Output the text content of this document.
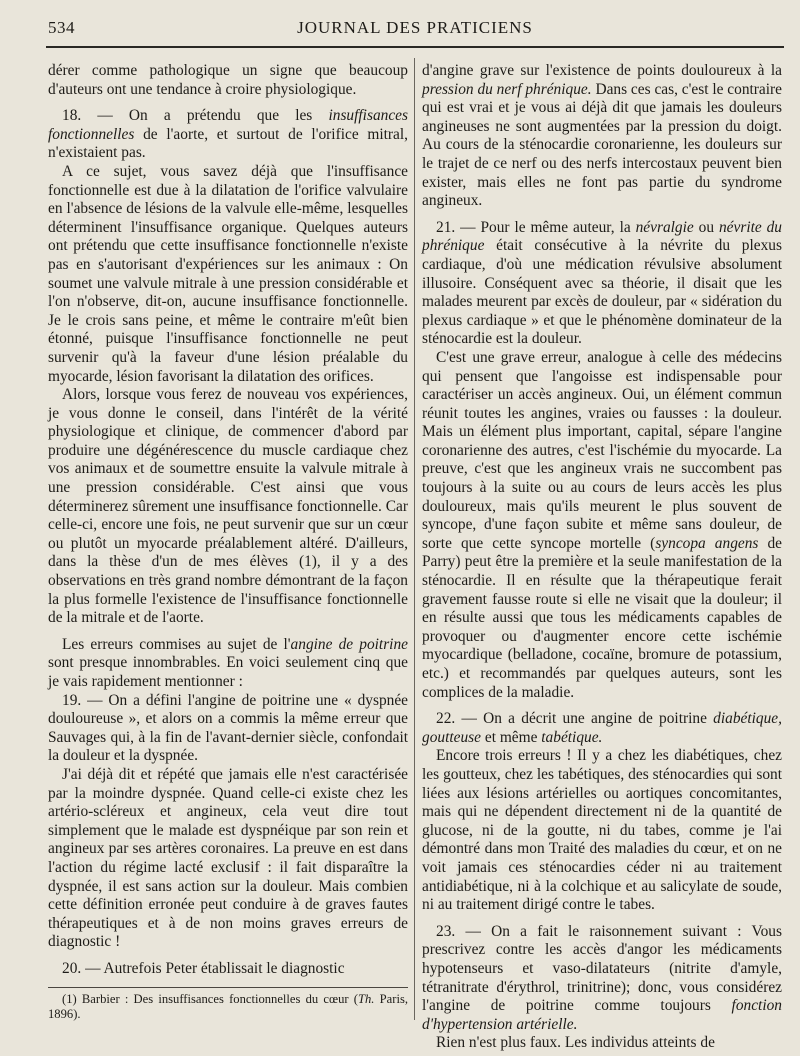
534	JOURNAL DES PRATICIENS

dérer comme pathologique un signe que beaucoup d'auteurs ont une tendance à croire physiologique.

18. — On a prétendu que les insuffisances fonctionnelles de l'aorte, et surtout de l'orifice mitral, n'existaient pas.

A ce sujet, vous savez déjà que l'insuffisance fonctionnelle est due à la dilatation de l'orifice valvulaire en l'absence de lésions de la valvule elle-même, lesquelles déterminent l'insuffisance organique. Quelques auteurs ont prétendu que cette insuffisance fonctionnelle n'existe pas en s'autorisant d'expériences sur les animaux : On soumet une valvule mitrale à une pression considérable et l'on n'observe, dit-on, aucune insuffisance fonctionnelle. Je le crois sans peine, et même le contraire m'eût bien étonné, puisque l'insuffisance fonctionnelle ne peut survenir qu'à la faveur d'une lésion préalable du myocarde, lésion favorisant la dilatation des orifices.

Alors, lorsque vous ferez de nouveau vos expériences, je vous donne le conseil, dans l'intérêt de la vérité physiologique et clinique, de commencer d'abord par produire une dégénérescence du muscle cardiaque chez vos animaux et de soumettre ensuite la valvule mitrale à une pression considérable. C'est ainsi que vous déterminerez sûrement une insuffisance fonctionnelle. Car celle-ci, encore une fois, ne peut survenir que sur un cœur ou plutôt un myocarde préalablement altéré. D'ailleurs, dans la thèse d'un de mes élèves (1), il y a des observations en très grand nombre démontrant de la façon la plus formelle l'existence de l'insuffisance fonctionnelle de la mitrale et de l'aorte.

Les erreurs commises au sujet de l'angine de poitrine sont presque innombrables. En voici seulement cinq que je vais rapidement mentionner :

19. — On a défini l'angine de poitrine une « dyspnée douloureuse », et alors on a commis la même erreur que Sauvages qui, à la fin de l'avant-dernier siècle, confondait la douleur et la dyspnée.

J'ai déjà dit et répété que jamais elle n'est caractérisée par la moindre dyspnée. Quand celle-ci existe chez les artério-scléreux et angineux, cela veut dire tout simplement que le malade est dyspnéique par son rein et angineux par ses artères coronaires. La preuve en est dans l'action du régime lacté exclusif : il fait disparaître la dyspnée, il est sans action sur la douleur. Mais combien cette définition erronée peut conduire à de graves fautes thérapeutiques et à de non moins graves erreurs de diagnostic !

20. — Autrefois Peter établissait le diagnostic

(1) Barbier : Des insuffisances fonctionnelles du cœur (Th. Paris, 1896).

d'angine grave sur l'existence de points douloureux à la pression du nerf phrénique. Dans ces cas, c'est le contraire qui est vrai et je vous ai déjà dit que jamais les douleurs angineuses ne sont augmentées par la pression du doigt. Au cours de la sténocardie coronarienne, les douleurs sur le trajet de ce nerf ou des nerfs intercostaux peuvent bien exister, mais elles ne font pas partie du syndrome angineux.

21. — Pour le même auteur, la névralgie ou névrite du phrénique était consécutive à la névrite du plexus cardiaque, d'où une médication révulsive absolument illusoire. Conséquent avec sa théorie, il disait que les malades meurent par excès de douleur, par « sidération du plexus cardiaque » et que le phénomène dominateur de la sténocardie est la douleur.

C'est une grave erreur, analogue à celle des médecins qui pensent que l'angoisse est indispensable pour caractériser un accès angineux. Oui, un élément commun réunit toutes les angines, vraies ou fausses : la douleur. Mais un élément plus important, capital, sépare l'angine coronarienne des autres, c'est l'ischémie du myocarde. La preuve, c'est que les angineux vrais ne succombent pas toujours à la suite ou au cours de leurs accès les plus douloureux, mais qu'ils meurent le plus souvent de syncope, d'une façon subite et même sans douleur, de sorte que cette syncope mortelle (syncopa angens de Parry) peut être la première et la seule manifestation de la sténocardie. Il en résulte que la thérapeutique ferait gravement fausse route si elle ne visait que la douleur; il en résulte aussi que tous les médicaments capables de provoquer ou d'augmenter encore cette ischémie myocardique (belladone, cocaïne, bromure de potassium, etc.) et recommandés par quelques auteurs, sont les complices de la maladie.

22. — On a décrit une angine de poitrine diabétique, goutteuse et même tabétique.

Encore trois erreurs ! Il y a chez les diabétiques, chez les goutteux, chez les tabétiques, des sténocardies qui sont liées aux lésions artérielles ou aortiques concomitantes, mais qui ne dépendent directement ni de la quantité de glucose, ni de la goutte, ni du tabes, comme je l'ai démontré dans mon Traité des maladies du cœur, et on ne voit jamais ces sténocardies céder ni au traitement antidiabétique, ni à la colchique et au salicylate de soude, ni au traitement dirigé contre le tabes.

23. — On a fait le raisonnement suivant : Vous prescrivez contre les accès d'angor les médicaments hypotenseurs et vaso-dilatateurs (nitrite d'amyle, tétranitrate d'érythrol, trinitrine); donc, vous considérez l'angine de poitrine comme toujours fonction d'hypertension artérielle.

Rien n'est plus faux. Les individus atteints de
